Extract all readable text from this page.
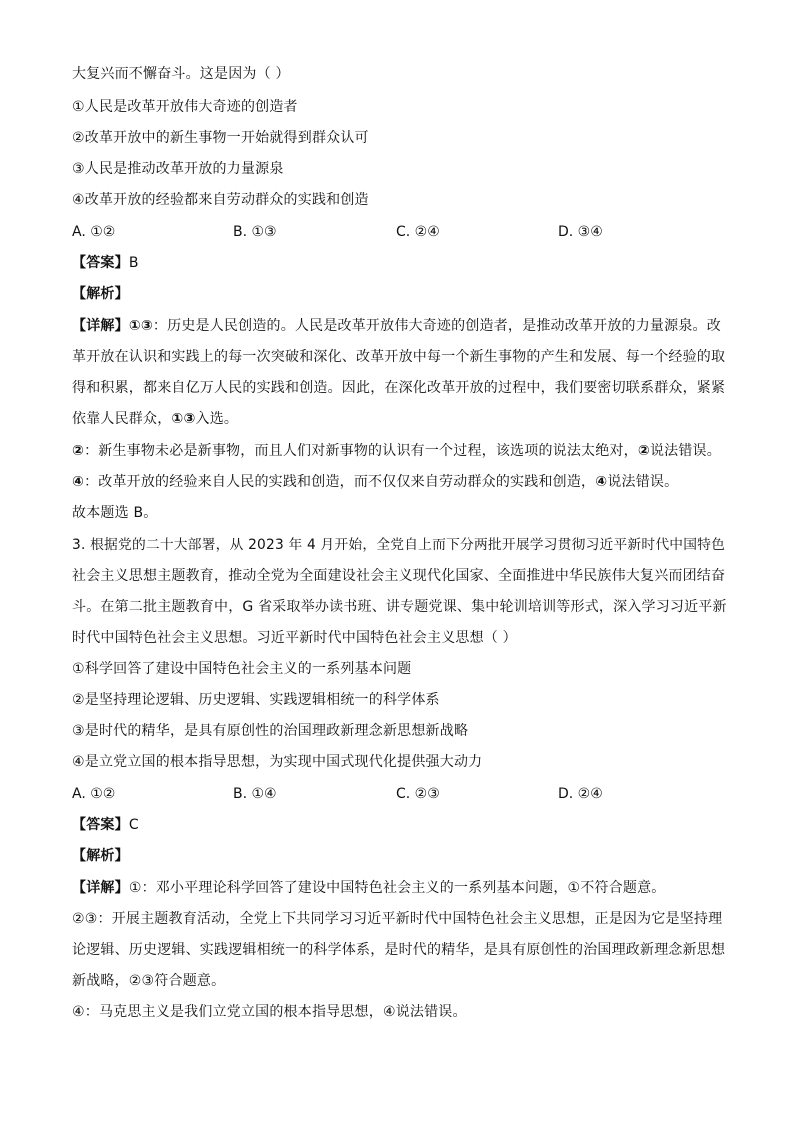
大复兴而不懈奋斗。这是因为（ ）
①人民是改革开放伟大奇迹的创造者
②改革开放中的新生事物一开始就得到群众认可
③人民是推动改革开放的力量源泉
④改革开放的经验都来自劳动群众的实践和创造
A. ①②	B. ①③	C. ②④	D. ③④
【答案】B
【解析】
【详解】①③：历史是人民创造的。人民是改革开放伟大奇迹的创造者，是推动改革开放的力量源泉。改
革开放在认识和实践上的每一次突破和深化、改革开放中每一个新生事物的产生和发展、每一个经验的取
得和积累，都来自亿万人民的实践和创造。因此，在深化改革开放的过程中，我们要密切联系群众，紧紧
依靠人民群众，①③入选。
②：新生事物未必是新事物，而且人们对新事物的认识有一个过程，该选项的说法太绝对，②说法错误。
④：改革开放的经验来自人民的实践和创造，而不仅仅来自劳动群众的实践和创造，④说法错误。
故本题选 B。
3. 根据党的二十大部署，从 2023 年 4 月开始，全党自上而下分两批开展学习贯彻习近平新时代中国特色
社会主义思想主题教育，推动全党为全面建设社会主义现代化国家、全面推进中华民族伟大复兴而团结奋
斗。在第二批主题教育中，G 省采取举办读书班、讲专题党课、集中轮训培训等形式，深入学习习近平新
时代中国特色社会主义思想。习近平新时代中国特色社会主义思想（ ）
①科学回答了建设中国特色社会主义的一系列基本问题
②是坚持理论逻辑、历史逻辑、实践逻辑相统一的科学体系
③是时代的精华，是具有原创性的治国理政新理念新思想新战略
④是立党立国的根本指导思想，为实现中国式现代化提供强大动力
A. ①②	B. ①④	C. ②③	D. ②④
【答案】C
【解析】
【详解】①：邓小平理论科学回答了建设中国特色社会主义的一系列基本问题，①不符合题意。
②③：开展主题教育活动，全党上下共同学习习近平新时代中国特色社会主义思想，正是因为它是坚持理
论逻辑、历史逻辑、实践逻辑相统一的科学体系，是时代的精华，是具有原创性的治国理政新理念新思想
新战略，②③符合题意。
④：马克思主义是我们立党立国的根本指导思想，④说法错误。
